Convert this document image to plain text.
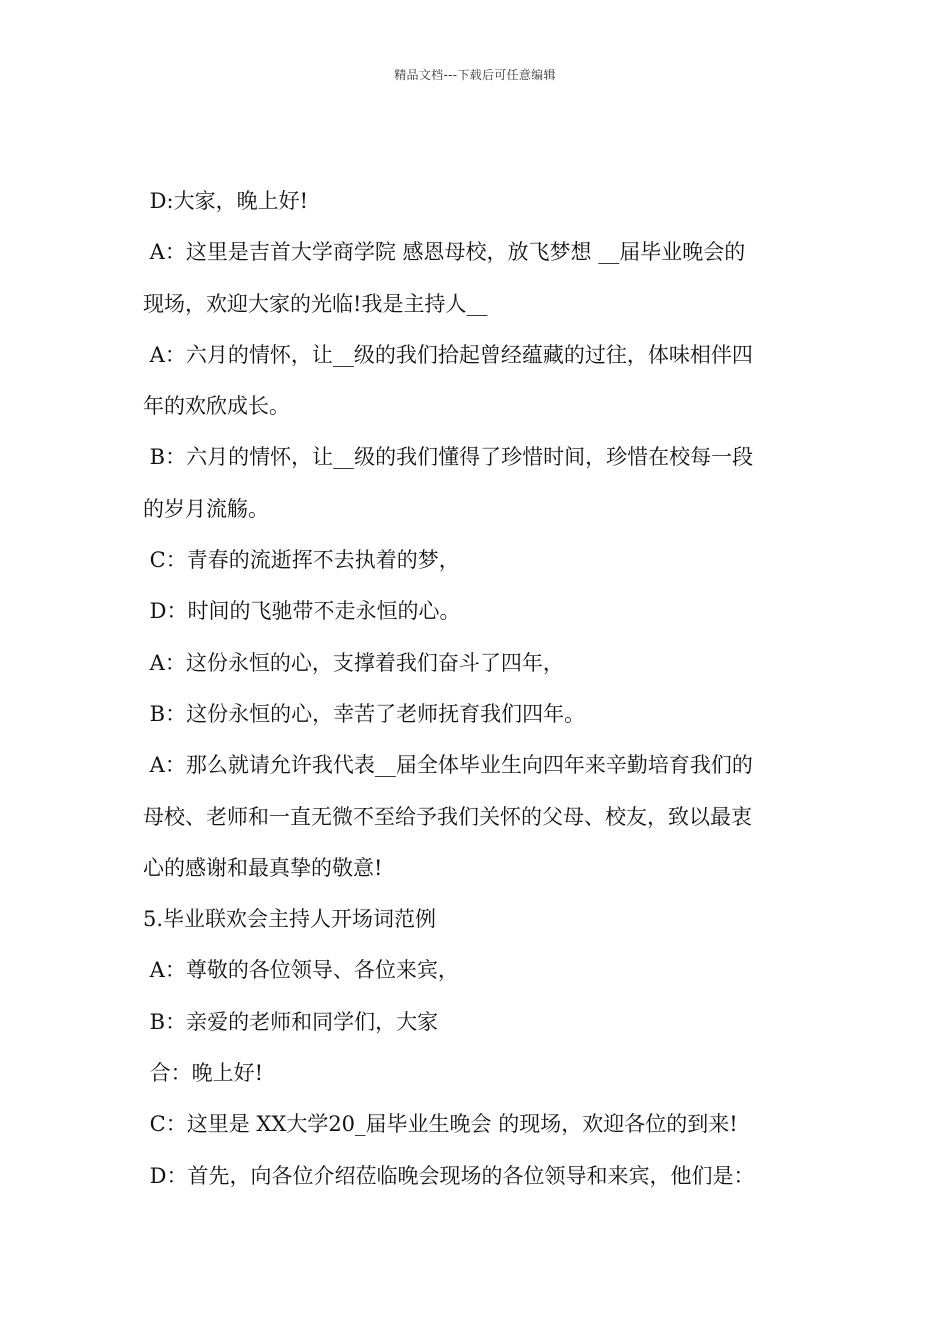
精品文档---下载后可任意编辑
D:大家，晚上好!
A：这里是吉首大学商学院 感恩母校，放飞梦想 __届毕业晚会的
现场，欢迎大家的光临!我是主持人__
A：六月的情怀，让__级的我们拾起曾经蕴藏的过往，体味相伴四
年的欢欣成长。
B：六月的情怀，让__级的我们懂得了珍惜时间，珍惜在校每一段
的岁月流觞。
C：青春的流逝挥不去执着的梦，
D：时间的飞驰带不走永恒的心。
A：这份永恒的心，支撑着我们奋斗了四年，
B：这份永恒的心，幸苦了老师抚育我们四年。
A：那么就请允许我代表__届全体毕业生向四年来辛勤培育我们的
母校、老师和一直无微不至给予我们关怀的父母、校友，致以最衷
心的感谢和最真挚的敬意!
5.毕业联欢会主持人开场词范例
A：尊敬的各位领导、各位来宾，
B：亲爱的老师和同学们，大家
合：晚上好!
C：这里是 XX大学20_届毕业生晚会 的现场，欢迎各位的到来!
D：首先，向各位介绍莅临晚会现场的各位领导和来宾，他们是：
